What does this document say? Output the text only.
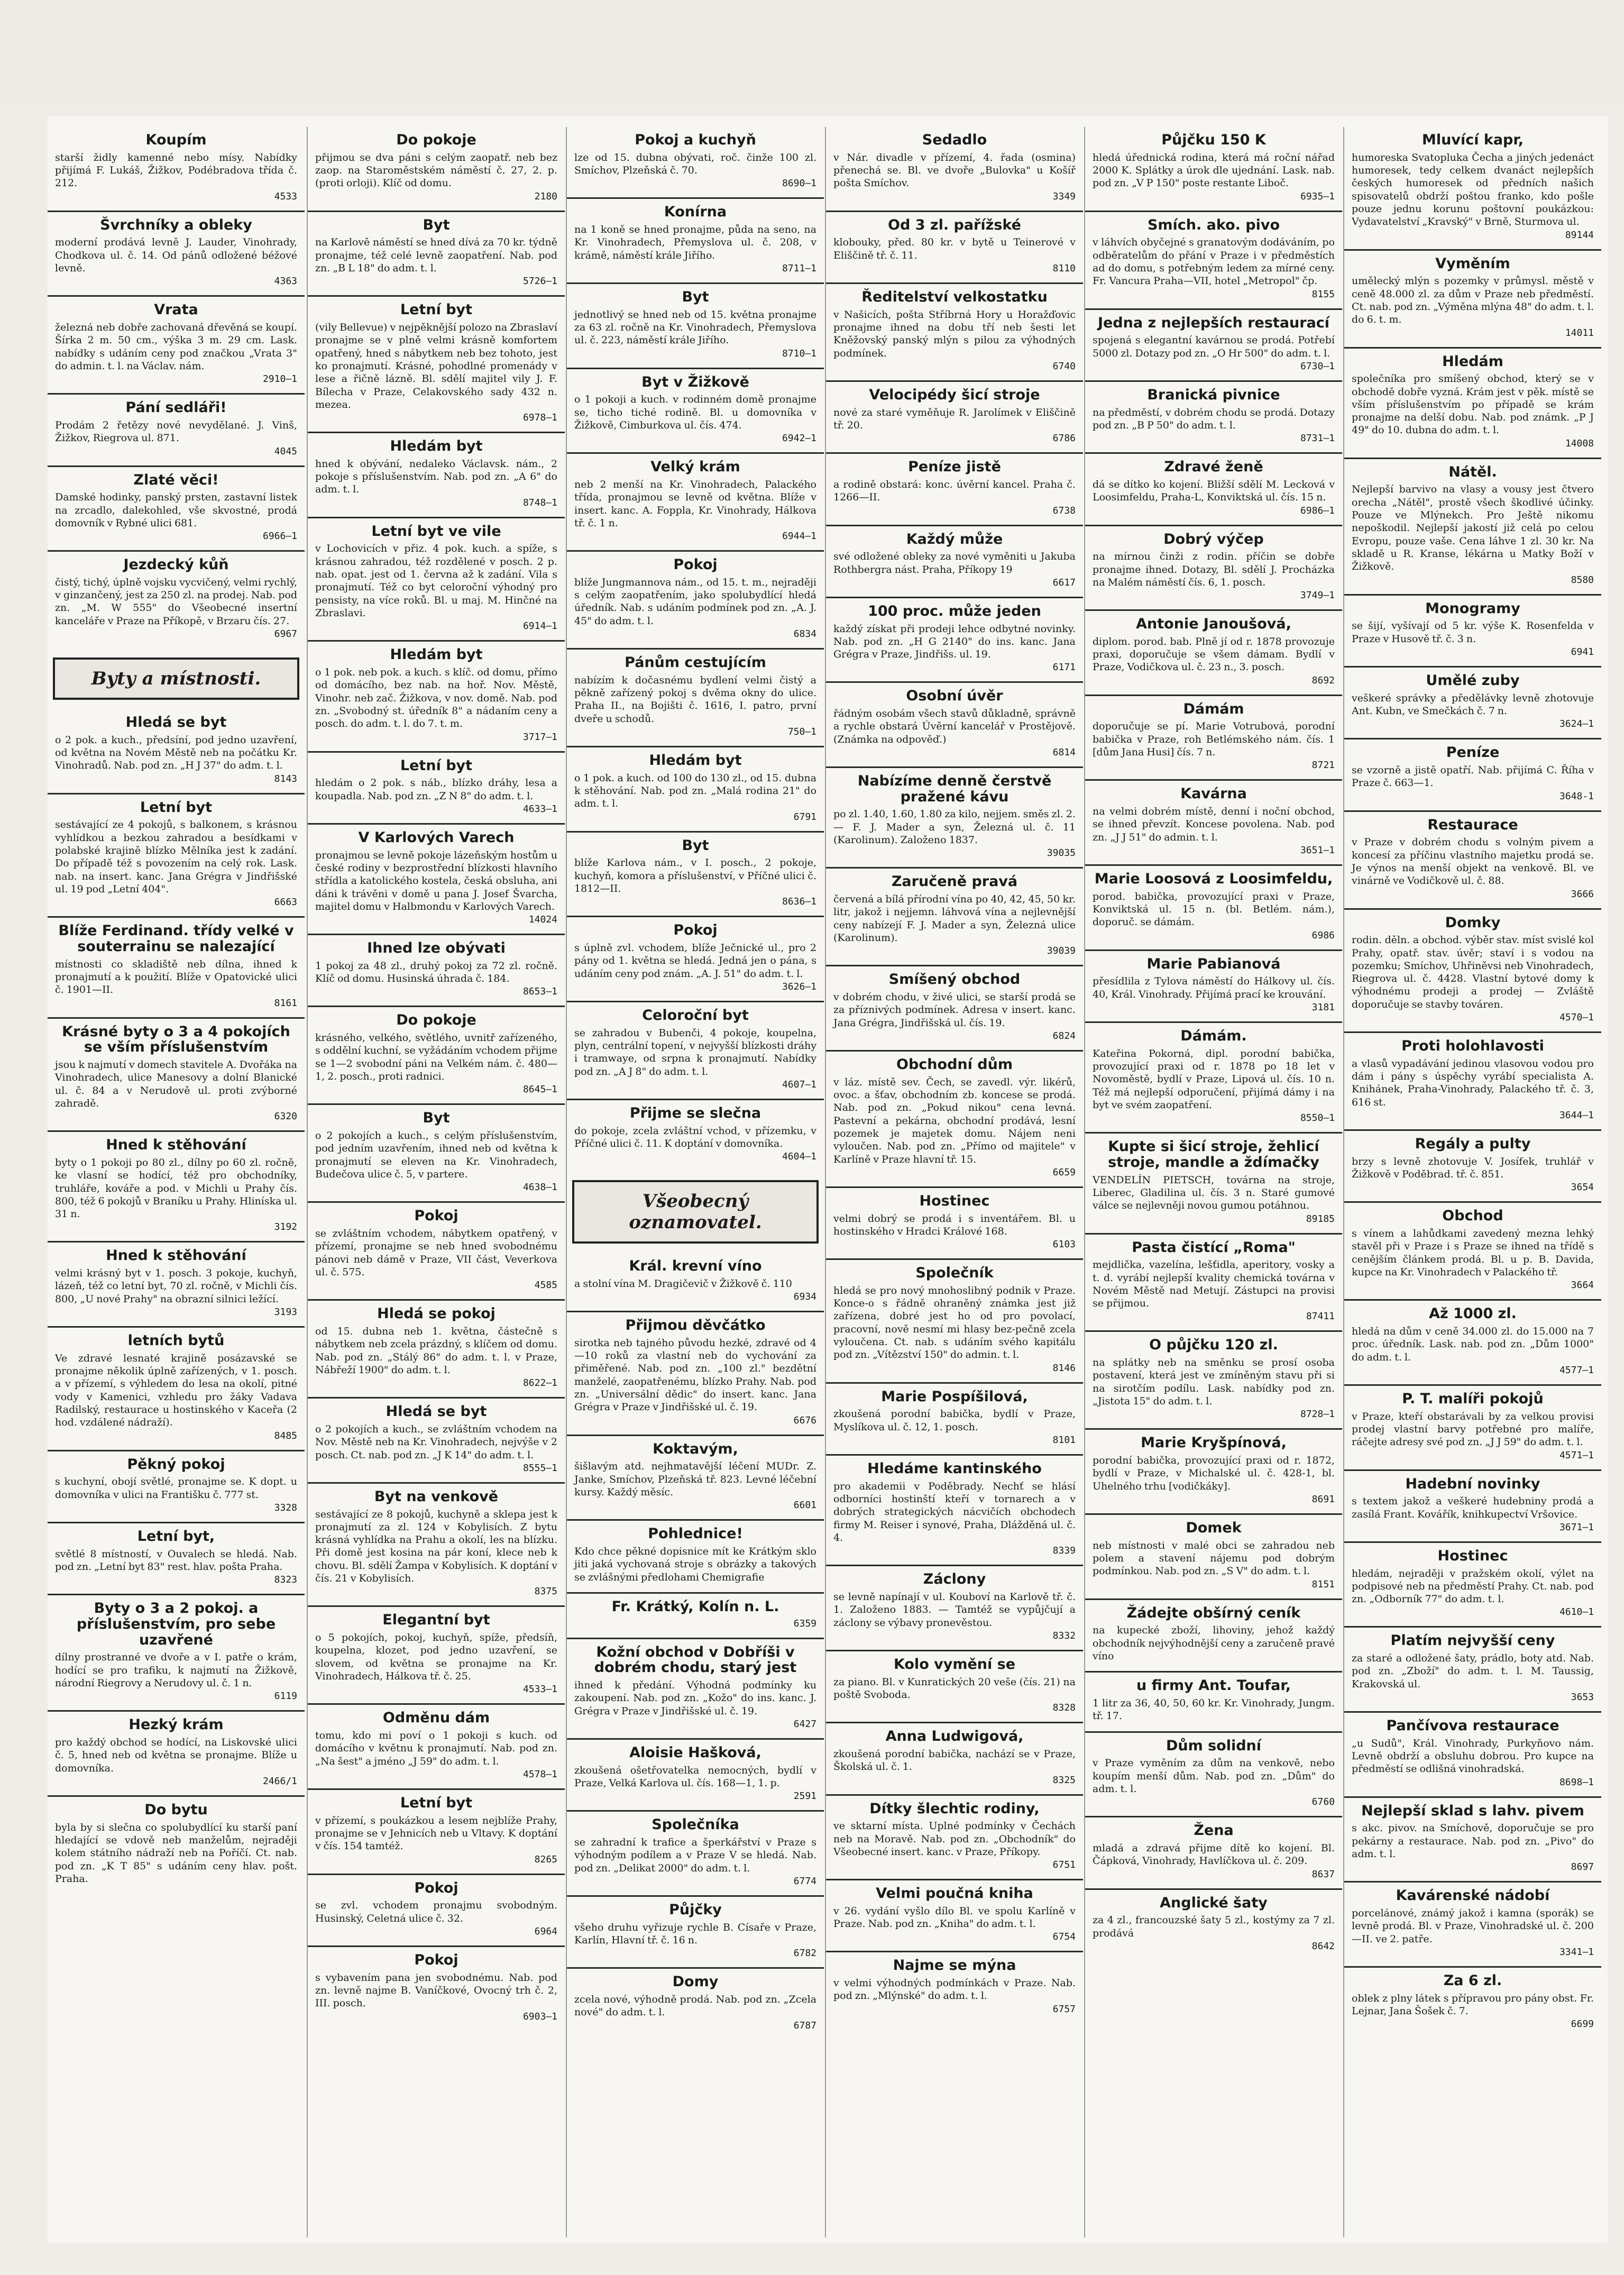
Koupím

starší židly kamenné nebo mísy. Nabídky přijímá F. Lukáš, Žižkov, Podébradova třída č. 212.

4533

Švrchníky a obleky

moderní prodává levně J. Lauder, Vinohrady, Chodkova ul. č. 14. Od pánů odložené béžové levně.

4363

Vrata

železná neb dobře zachovaná dřevěná se koupí. Šírka 2 m. 50 cm., výška 3 m. 29 cm. Lask. nabídky s udáním ceny pod značkou „Vrata 3" do admin. t. l. na Václav. nám.

2910—1

Pání sedláři!

Prodám 2 řetězy nové nevydělané. J. Vinš, Žižkov, Riegrova ul. 871.

4045

Zlaté věci!

Damské hodinky, panský prsten, zastavní listek na zrcadlo, dalekohled, vše skvostné, prodá domovník v Rybné ulici 681.

6966—1

Jezdecký kůň

čistý, tichý, úplně vojsku vycvičený, velmi rychlý, v ginzančený, jest za 250 zl. na prodej. Nab. pod zn. „M. W 555" do Všeobecné insertní kanceláře v Praze na Příkopě, v Brzaru čís. 27.

6967

Byty a místnosti.
Hledá se byt

o 2 pok. a kuch., předsíní, pod jedno uzavření, od května na Novém Městě neb na počátku Kr. Vinohradů. Nab. pod zn. „H J 37" do adm. t. l.

8143

Letní byt

sestávající ze 4 pokojů, s balkonem, s krásnou vyhlídkou a bezkou zahradou a besídkami v polabské krajině blízko Mělníka jest k zadání. Do případě též s povozením na celý rok. Lask. nab. na insert. kanc. Jana Grégra v Jindřišské ul. 19 pod „Letní 404".

6663

Blíže Ferdinand. třídy velké v souterrainu se nalezající

místnosti co skladiště neb dílna, ihned k pronajmutí a k použití. Blíže v Opatovické ulici č. 1901—II.

8161

Krásné byty o 3 a 4 pokojích se vším příslušenstvím

jsou k najmutí v domech stavitele A. Dvořáka na Vinohradech, ulice Manesovy a dolní Blanické ul. č. 84 a v Nerudově ul. proti zvýborné zahradě.

6320

Hned k stěhování

byty o 1 pokoji po 80 zl., dílny po 60 zl. ročně, ke vlasní se hodící, též pro obchodníky, truhláře, kováře a pod. v Michli u Prahy čís. 800, též 6 pokojů v Braníku u Prahy. Hliníska ul. 31 n.

3192

Hned k stěhování

velmi krásný byt v 1. posch. 3 pokoje, kuchyň, lázeň, též co letní byt, 70 zl. ročně, v Michli čís. 800, „U nové Prahy" na obrazní silnici ležící.

3193

letních bytů

Ve zdravé lesnaté krajině posázavské se pronajme několik úplně zařízených, v 1. posch. a v přízemí, s výhledem do lesa na okolí, pitné vody v Kamenici, vzhledu pro žáky Vadava Radilský, restaurace u hostinského v Kaceřa (2 hod. vzdálené nádraží).

8485

Pěkný pokoj

s kuchyní, obojí světlé, pronajme se. K dopt. u domovníka v ulici na Františku č. 777 st.

3328

Letní byt,

světlé 8 místností, v Ouvalech se hledá. Nab. pod zn. „Letní byt 83" rest. hlav. pošta Praha.

8323

Byty o 3 a 2 pokoj. a příslušenstvím, pro sebe uzavřené

dílny prostranné ve dvoře a v I. patře o krám, hodící se pro trafiku, k najmutí na Žižkově, národní Riegrovy a Nerudovy ul. č. 1 n.

6119

Hezký krám

pro každý obchod se hodící, na Liskovské ulici č. 5, hned neb od května se pronajme. Blíže u domovníka.

2466/1

Do bytu

byla by si slečna co spolubydlící ku starší paní hledající se vdově neb manželům, nejraději kolem státního nádraží neb na Poříčí. Ct. nab. pod zn. „K T 85" s udáním ceny hlav. pošt. Praha.

Do pokoje

přijmou se dva páni s celým zaopatř. neb bez zaop. na Staroměstském náměstí č. 27, 2. p. (proti orloji). Klíč od domu.

2180

Byt

na Karlově náměstí se hned dívá za 70 kr. týdně pronajme, též celé levně zaopatření. Nab. pod zn. „B L 18" do adm. t. l.

5726—1

Letní byt

(vily Bellevue) v nejpěknější polozo na Zbraslaví pronajme se v plně velmi krásně komfortem opatřený, hned s nábytkem neb bez tohoto, jest ko pronajmutí. Krásné, pohodlné promenády v lese a řičně lázně. Bl. sdělí majitel vily J. F. Bílecha v Praze, Celakovského sady 432 n. mezea.

6978—1

Hledám byt

hned k obývání, nedaleko Václavsk. nám., 2 pokoje s příslušenstvím. Nab. pod zn. „A 6" do adm. t. l.

8748—1

Letní byt ve vile

v Lochovicích v přiz. 4 pok. kuch. a spíže, s krásnou zahradou, též rozdělené v posch. 2 p. nab. opat. jest od 1. června až k zadání. Vila s pronajmutí. Též co byt celoroční výhodný pro pensisty, na více roků. Bl. u maj. M. Hinčné na Zbraslavi.

6914—1

Hledám byt

o 1 pok. neb pok. a kuch. s klíč. od domu, přímo od domácího, bez nab. na hoř. Nov. Městě, Vinohr. neb zač. Žižkova, v nov. domě. Nab. pod zn. „Svobodný st. úředník 8" a nádaním ceny a posch. do adm. t. l. do 7. t. m.

3717—1

Letní byt

hledám o 2 pok. s náb., blízko dráhy, lesa a koupadla. Nab. pod zn. „Z N 8" do adm. t. l.

4633—1

V Karlových Varech

pronajmou se levně pokoje lázeňským hostům u české rodiny v bezprostřední blízkosti hlavního střídla a katolického kostela, česká obsluha, ani dáni k trávěni v domě u pana J. Josef Švarcha, majitel domu v Halbmondu v Karlových Varech.

14024

Ihned lze obývati

1 pokoj za 48 zl., druhý pokoj za 72 zl. ročně. Klíč od domu. Husinská úhrada č. 184.

8653—1

Do pokoje

krásného, velkého, světlého, uvnitř zařízeného, s oddělní kuchní, se vyžádáním vchodem přijme se 1—2 svobodní páni na Velkém nám. č. 480—1, 2. posch., proti radnici.

8645—1

Byt

o 2 pokojích a kuch., s celým příslušenstvím, pod jedním uzavřením, ihned neb od května k pronajmutí se eleven na Kr. Vinohradech, Budečova ulice č. 5, v partere.

4638—1

Pokoj

se zvláštním vchodem, nábytkem opatřený, v přízemí, pronajme se neb hned svobodnému pánovi neb dámě v Praze, VII část, Veverkova ul. č. 575.

4585

Hledá se pokoj

od 15. dubna neb 1. května, částečně s nábytkem neb zcela prázdný, s klíčem od domu. Nab. pod zn. „Stálý 86" do adm. t. l. v Praze, Nábřeží 1900" do adm. t. l.

8622—1

Hledá se byt

o 2 pokojích a kuch., se zvláštním vchodem na Nov. Městě neb na Kr. Vinohradech, nejvýše v 2 posch. Ct. nab. pod zn. „J K 14" do adm. t. l.

8555—1

Byt na venkově

sestávající ze 8 pokojů, kuchyně a sklepa jest k pronajmutí za zl. 124 v Kobylisích. Z bytu krásná vyhlídka na Prahu a okolí, les na blízku. Při domě jest kosina na pár koní, klece neb k chovu. Bl. sdělí Žampa v Kobylisích. K doptání v čís. 21 v Kobylisích.

8375

Elegantní byt

o 5 pokojích, pokoj, kuchyň, spíže, předsíň, koupelna, klozet, pod jedno uzavření, se slovem, od května se pronajme na Kr. Vinohradech, Hálkova tř. č. 25.

4533—1

Odměnu dám

tomu, kdo mi poví o 1 pokoji s kuch. od domácího v květnu k pronajmutí. Nab. pod zn. „Na šest" a jméno „J 59" do adm. t. l.

4578—1

Letní byt

v přízemí, s poukázkou a lesem nejblíže Prahy, pronajme se v Jehnicích neb u Vltavy. K doptání v čís. 154 tamtéž.

8265

Pokoj

se zvl. vchodem pronajmu svobodným. Husinský, Celetná ulice č. 32.

6964

Pokoj

s vybavením pana jen svobodnému. Nab. pod zn. levně najme B. Vaníčkové, Ovocný trh č. 2, III. posch.

6903—1

Pokoj a kuchyň

lze od 15. dubna obývati, roč. činže 100 zl. Smíchov, Plzeňská č. 70.

8690—1

Konírna

na 1 koně se hned pronajme, půda na seno, na Kr. Vinohradech, Přemyslova ul. č. 208, v krámě, náměstí krále Jiřího.

8711—1

Byt

jednotlivý se hned neb od 15. května pronajme za 63 zl. ročně na Kr. Vinohradech, Přemyslova ul. č. 223, náměstí krále Jiřího.

8710—1

Byt v Žižkově

o 1 pokoji a kuch. v rodinném domě pronajme se, ticho tiché rodině. Bl. u domovníka v Žižkově, Cimburkova ul. čís. 474.

6942—1

Velký krám

neb 2 menší na Kr. Vinohradech, Palackého třída, pronajmou se levně od května. Blíže v insert. kanc. A. Foppla, Kr. Vinohrady, Hálkova tř. č. 1 n.

6944—1

Pokoj

blíže Jungmannova nám., od 15. t. m., nejraději s celým zaopatřením, jako spolubydlící hledá úředník. Nab. s udáním podmínek pod zn. „A. J. 45" do adm. t. l.

6834

Pánům cestujícím

nabízím k dočasnému bydlení velmi čistý a pěkně zařízený pokoj s dvěma okny do ulice. Praha II., na Bojišti č. 1616, I. patro, první dveře u schodů.

750—1

Hledám byt

o 1 pok. a kuch. od 100 do 130 zl., od 15. dubna k stěhování. Nab. pod zn. „Malá rodina 21" do adm. t. l.

6791

Byt

blíže Karlova nám., v I. posch., 2 pokoje, kuchyň, komora a příslušenství, v Příčné ulici č. 1812—II.

8636—1

Pokoj

s úplně zvl. vchodem, blíže Ječnické ul., pro 2 pány od 1. května se hledá. Jedná jen o pána, s udáním ceny pod znám. „A. J. 51" do adm. t. l.

3626—1

Celoroční byt

se zahradou v Bubenči, 4 pokoje, koupelna, plyn, centrální topení, v nejvyšší blízkosti dráhy i tramwaye, od srpna k pronajmutí. Nabídky pod zn. „A J 8" do adm. t. l.

4607—1

Přijme se slečna

do pokoje, zcela zvláštní vchod, v přízemku, v Příčné ulici č. 11. K doptání v domovníka.

4604—1

Všeobecný oznamovatel.
Král. krevní víno

a stolní vína M. Dragičevič v Žižkově č. 110

6934

Přijmou děvčátko

sirotka neb tajného původu hezké, zdravé od 4—10 roků za vlastní neb do vychování za přiměřené. Nab. pod zn. „100 zl." bezdětní manželé, zaopatřenému, blízko Prahy. Nab. pod zn. „Universální dědic" do insert. kanc. Jana Grégra v Praze v Jindřišské ul. č. 19.

6676

Koktavým,

šišlavým atd. nejhmatavější léčení MUDr. Z. Janke, Smíchov, Plzeňská tř. 823. Levné léčební kursy. Každý měsíc.

6601

Pohlednice!

Kdo chce pěkné dopisnice mít ke Krátkým sklo jiti jaká vychovaná stroje s obrázky a takových se zvlášnými předlohami Chemigrafie

Fr. Krátký, Kolín n. L.

6359

Kožní obchod v Dobříši v dobrém chodu, starý jest

ihned k předání. Výhodná podmínky ku zakoupení. Nab. pod zn. „Kožo" do ins. kanc. J. Grégra v Praze v Jindřišské ul. č. 19.

6427

Aloisie Hašková,

zkoušená ošetřovatelka nemocných, bydlí v Praze, Velká Karlova ul. čís. 168—1, 1. p.

2591

Společníka

se zahradní k trafice a šperkářství v Praze s výhodným podílem a v Praze V se hledá. Nab. pod zn. „Delikat 2000" do adm. t. l.

6774

Půjčky

všeho druhu vyřizuje rychle B. Císaře v Praze, Karlín, Hlavní tř. č. 16 n.

6782

Domy

zcela nové, výhodně prodá. Nab. pod zn. „Zcela nové" do adm. t. l.

6787

Sedadlo

v Nár. divadle v přízemí, 4. řada (osmina) přenechá se. Bl. ve dvoře „Bulovka" u Košíř pošta Smíchov.

3349

Od 3 zl. pařížské

klobouky, před. 80 kr. v bytě u Teinerové v Eliščině tř. č. 11.

8110

Ředitelství velkostatku

v Našicích, pošta Stříbrná Hory u Horažďovic pronajme ihned na dobu tří neb šesti let Kněžovský panský mlýn s pilou za výhodných podmínek.

6740

Velocipédy šicí stroje

nové za staré vyměňuje R. Jarolímek v Eliščině tř. 20.

6786

Peníze jistě

a rodině obstará: konc. úvěrní kancel. Praha č. 1266—II.

6738

Každý může

své odložené obleky za nové vyměniti u Jakuba Rothbergra nást. Praha, Příkopy 19

6617

100 proc. může jeden

každý získat při prodeji lehce odbytné novinky. Nab. pod zn. „H G 2140" do ins. kanc. Jana Grégra v Praze, Jindřišs. ul. 19.

6171

Osobní úvěr

řádným osobám všech stavů důkladně, správně a rychle obstará Úvěrní kancelář v Prostějově. (Známka na odpověď.)

6814

Nabízíme denně čerstvě pražené kávu

po zl. 1.40, 1.60, 1.80 za kilo, nejjem. směs zl. 2.— F. J. Mader a syn, Železná ul. č. 11 (Karolinum). Založeno 1837.

39035

Zaručeně pravá

červená a bílá přírodní vína po 40, 42, 45, 50 kr. litr, jakož i nejjemn. láhvová vína a nejlevnější ceny nabízejí F. J. Mader a syn, Železná ulice (Karolinum).

39039

Smíšený obchod

v dobrém chodu, v živé ulici, se starší prodá se za příznivých podmínek. Adresa v insert. kanc. Jana Grégra, Jindřišská ul. čís. 19.

6824

Obchodní dům

v láz. místě sev. Čech, se zavedl. výr. likérů, ovoc. a šťav, obchodním zb. koncese se prodá. Nab. pod zn. „Pokud nikou" cena levná. Pastevní a pekárna, obchodní prodává, lesní pozemek je majetek domu. Nájem neni vyloučen. Nab. pod zn. „Přímo od majitele" v Karlíně v Praze hlavní tř. 15.

6659

Hostinec

velmi dobrý se prodá i s inventářem. Bl. u hostinského v Hradci Králové 168.

6103

Společník

hledá se pro nový mnohoslibný podnik v Praze. Konce-o s řádně ohraněný známka jest již zařízena, dobré jest ho od pro povolací, pracovní, nově nesmí mi hlasy bez-pečně zcela vyloučena. Ct. nab. s udáním svého kapitálu pod zn. „Vítězství 150" do admin. t. l.

8146

Marie Pospíšilová,

zkoušená porodní babička, bydlí v Praze, Myslíkova ul. č. 12, 1. posch.

8101

Hledáme kantinského

pro akademii v Poděbrady. Nechť se hlásí odborníci hostinští kteří v tornarech a v dobrých strategických nácvičích obchodech firmy M. Reiser i synové, Praha, Dlážděná ul. č. 4.

8339

Záclony

se levně napínají v ul. Kouboví na Karlově tř. č. 1. Založeno 1883. — Tamtéž se vypůjčují a záclony se výbavy pronevěstou.

8332

Kolo vymění se

za piano. Bl. v Kunratických 20 veše (čís. 21) na poště Svoboda.

8328

Anna Ludwigová,

zkoušená porodní babička, nachází se v Praze, Školská ul. č. 1.

8325

Dítky šlechtic rodiny,

ve sktarní místa. Uplné podmínky v Čechách neb na Moravě. Nab. pod zn. „Obchodník" do Všeobecné insert. kanc. v Praze, Příkopy.

6751

Velmi poučná kniha

v 26. vydání vyšlo dílo Bl. ve spolu Karlíně v Praze. Nab. pod zn. „Kniha" do adm. t. l.

6754

Najme se mýna

v velmi výhodných podmínkách v Praze. Nab. pod zn. „Mlýnské" do adm. t. l.

6757

Půjčku 150 K

hledá úřednická rodina, která má roční nářad 2000 K. Splátky a úrok dle ujednání. Lask. nab. pod zn. „V P 150" poste restante Liboč.

6935—1

Smích. ako. pivo

v láhvích obyčejné s granatovým dodáváním, po odběratelům do přání v Praze i v předměstích ad do domu, s potřebným ledem za mírné ceny. Fr. Vancura Praha—VII, hotel „Metropol" čp.

8155

Jedna z nejlepších restaurací

spojená s elegantní kavárnou se prodá. Potřebí 5000 zl. Dotazy pod zn. „O Hr 500" do adm. t. l.

6730—1

Branická pivnice

na předměstí, v dobrém chodu se prodá. Dotazy pod zn. „B P 50" do adm. t. l.

8731—1

Zdravé ženě

dá se dítko ko kojení. Bližší sdělí M. Lecková v Loosimfeldu, Praha-L, Konviktská ul. čís. 15 n.

6986—1

Dobrý výčep

na mírnou činži z rodin. příčin se dobře pronajme ihned. Dotazy, Bl. sdělí J. Procházka na Malém náměstí čís. 6, 1. posch.

3749—1

Antonie Janoušová,

diplom. porod. bab. Plně jí od r. 1878 provozuje praxi, doporučuje se všem dámam. Bydlí v Praze, Vodičkova ul. č. 23 n., 3. posch.

8692

Dámám

doporučuje se pí. Marie Votrubová, porodní babička v Praze, roh Betlémského nám. čís. 1 [dům Jana Husi] čís. 7 n.

8721

Kavárna

na velmi dobrém místě, denní i noční obchod, se ihned převzít. Koncese povolena. Nab. pod zn. „J J 51" do admin. t. l.

3651—1

Marie Loosová z Loosimfeldu,

porod. babička, provozující praxi v Praze, Konviktská ul. 15 n. (bl. Betlém. nám.), doporuč. se dámám.

6986

Marie Pabianová

přesídlila z Tylova náměstí do Hálkovy ul. čís. 40, Král. Vinohrady. Přijímá prací ke krouvání.

3181

Dámám.

Kateřina Pokorná, dipl. porodní babička, provozující praxi od r. 1878 po 18 let v Novoměstě, bydlí v Praze, Lipová ul. čís. 10 n. Též má nejlepší odporučení, přijímá dámy i na byt ve svém zaopatření.

8550—1

Kupte si šicí stroje, žehlicí stroje, mandle a ždímačky

VENDELÍN PIETSCH, továrna na stroje, Liberec, Gladilina ul. čís. 3 n. Staré gumové válce se nejlevněji novou gumou potáhnou.

89185

Pasta čistící „Roma"

mejdlička, vazelína, lešťidla, aperitory, vosky a t. d. vyrábí nejlepší kvality chemická továrna v Novém Městě nad Metují. Zástupci na provisi se přijmou.

87411

O půjčku 120 zl.

na splátky neb na směnku se prosí osoba postavení, která jest ve zmíněným stavu při si na sirotčím podílu. Lask. nabídky pod zn. „Jistota 15" do adm. t. l.

8728—1

Marie Kryšpínová,

porodní babička, provozující praxi od r. 1872, bydlí v Praze, v Michalské ul. č. 428-1, bl. Uhelného trhu [vodičkáky].

8691

Domek

neb místnosti v malé obci se zahradou neb polem a stavení nájemu pod dobrým podmínkou. Nab. pod zn. „S V" do adm. t. l.

8151

Žádejte obšírný ceník

na kupecké zboží, lihoviny, jehož každý obchodník nejvýhodnější ceny a zaručeně pravé víno

u firmy Ant. Toufar,

1 litr za 36, 40, 50, 60 kr. Kr. Vinohrady, Jungm. tř. 17.

Dům solidní

v Praze vyměním za dům na venkově, nebo koupím menší dům. Nab. pod zn. „Dům" do adm. t. l.

6760

Žena

mladá a zdravá přijme dítě ko kojení. Bl. Čápková, Vinohrady, Havlíčkova ul. č. 209.

8637

Anglické šaty

za 4 zl., francouzské šaty 5 zl., kostýmy za 7 zl. prodává

8642

Mluvící kapr,

humoreska Svatopluka Čecha a jiných jedenáct humoresek, tedy celkem dvanáct nejlepších českých humoresek od předních našich spisovatelů obdrží poštou franko, kdo pošle pouze jednu korunu poštovní poukázkou: Vydavatelství „Kravský" v Brně, Sturmova ul.

89144

Vyměním

umělecký mlýn s pozemky v průmysl. městě v ceně 48.000 zl. za dům v Praze neb předměstí. Ct. nab. pod zn. „Výměna mlýna 48" do adm. t. l. do 6. t. m.

14011

Hledám

společníka pro smíšený obchod, který se v obchodě dobře vyzná. Krám jest v pěk. místě se vším příslušenstvím po případě se krám pronajme na delší dobu. Nab. pod známk. „P J 49" do 10. dubna do adm. t. l.

14008

Nátěl.

Nejlepší barvivo na vlasy a vousy jest čtvero orecha „Nátěl", prostě všech škodlivé účinky. Pouze ve Mlýnekch. Pro Ještě nikomu nepoškodil. Nejlepší jakostí již celá po celou Evropu, pouze vaše. Cena láhve 1 zl. 30 kr. Na skladě u R. Kranse, lékárna u Matky Boží v Žižkově.

8580

Monogramy

se šijí, vyšívají od 5 kr. výše K. Rosenfelda v Praze v Husově tř. č. 3 n.

6941

Umělé zuby

veškeré správky a předělávky levně zhotovuje Ant. Kubn, ve Smečkách č. 7 n.

3624—1

Peníze

se vzorně a jistě opatří. Nab. přijímá C. Říha v Praze č. 663—1.

3648-1

Restaurace

v Praze v dobrém chodu s volným pivem a koncesí za příčinu vlastního majetku prodá se. Je výnos na menší objekt na venkově. Bl. ve vinárně ve Vodičkově ul. č. 88.

3666

Domky

rodin. děln. a obchod. výběr stav. míst svislé kol Prahy, opatř. stav. úvěr; staví i s vodou na pozemku; Smíchov, Uhřiněvsi neb Vinohradech, Riegrova ul. č. 4428. Vlastní bytové domy k výhodnému prodeji a prodej — Zvláště doporučuje se stavby továren.

4570—1

Proti holohlavosti

a vlasů vypadávání jedinou vlasovou vodou pro dám i pány s úspěchy vyrábí specialista A. Knihánek, Praha-Vinohrady, Palackého tř. č. 3, 616 st.

3644—1

Regály a pulty

brzy s levně zhotovuje V. Josífek, truhlář v Žižkově v Poděbrad. tř. č. 851.

3654

Obchod

s vínem a lahůdkami zavedený mezna lehký stavěl při v Praze i s Praze se ihned na třídě s cenějším článkem prodá. Bl. u p. B. Davida, kupce na Kr. Vinohradech v Palackého tř.

3664

Až 1000 zl.

hledá na dům v ceně 34.000 zl. do 15.000 na 7 proc. úředník. Lask. nab. pod zn. „Dům 1000" do adm. t. l.

4577—1

P. T. malíři pokojů

v Praze, kteří obstarávali by za velkou provisi prodej vlastní barvy potřebné pro malíře, ráčejte adresy své pod zn. „J J 59" do adm. t. l.

4571—1

Hadební novinky

s textem jakož a veškeré hudebniny prodá a zasílá Frant. Kovářík, knihkupectví Vršovice.

3671—1

Hostinec

hledám, nejraději v pražském okolí, výlet na podpisové neb na předměstí Prahy. Ct. nab. pod zn. „Odborník 77" do adm. t. l.

4610—1

Platím nejvyšší ceny

za staré a odložené šaty, prádlo, boty atd. Nab. pod zn. „Zboží" do adm. t. l. M. Taussig, Krakovská ul.

3653

Pančívova restaurace

„u Sudů", Král. Vinohrady, Purkyňovo nám. Levně obdrží a obsluhu dobrou. Pro kupce na předměstí se odlišná vinohradská.

8698—1

Nejlepší sklad s lahv. pivem

s akc. pivov. na Smíchově, doporučuje se pro pekárny a restaurace. Nab. pod zn. „Pivo" do adm. t. l.

8697

Kavárenské nádobí

porcelánové, známý jakož i kamna (sporák) se levně prodá. Bl. v Praze, Vinohradské ul. č. 200—II. ve 2. patře.

3341—1

Za 6 zl.

oblek z plny látek s přípravou pro pány obst. Fr. Lejnar, Jana Šošek č. 7.

6699
